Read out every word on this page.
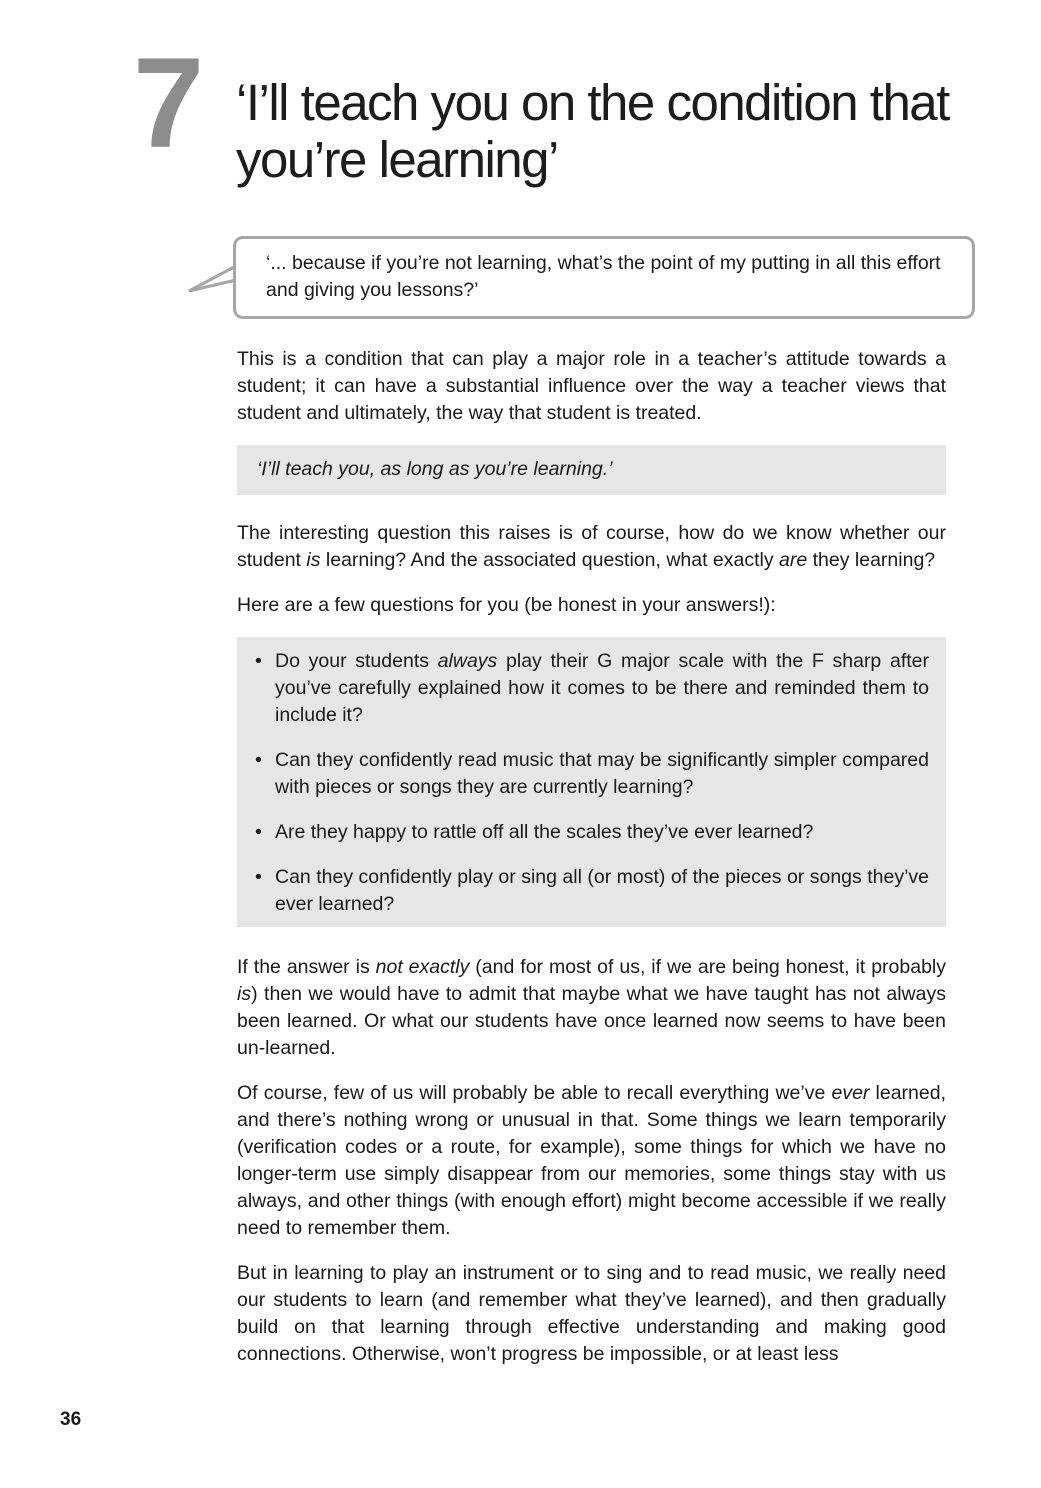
7 ‘I’ll teach you on the condition that you’re learning’

‘... because if you’re not learning, what’s the point of my putting in all this effort and giving you lessons?’

This is a condition that can play a major role in a teacher’s attitude towards a student; it can have a substantial influence over the way a teacher views that student and ultimately, the way that student is treated.

‘I’ll teach you, as long as you’re learning.’

The interesting question this raises is of course, how do we know whether our student is learning? And the associated question, what exactly are they learning?

Here are a few questions for you (be honest in your answers!):

• Do your students always play their G major scale with the F sharp after you’ve carefully explained how it comes to be there and reminded them to include it?
• Can they confidently read music that may be significantly simpler compared with pieces or songs they are currently learning?
• Are they happy to rattle off all the scales they’ve ever learned?
• Can they confidently play or sing all (or most) of the pieces or songs they’ve ever learned?

If the answer is not exactly (and for most of us, if we are being honest, it probably is) then we would have to admit that maybe what we have taught has not always been learned. Or what our students have once learned now seems to have been un-learned.

Of course, few of us will probably be able to recall everything we’ve ever learned, and there’s nothing wrong or unusual in that. Some things we learn temporarily (verification codes or a route, for example), some things for which we have no longer-term use simply disappear from our memories, some things stay with us always, and other things (with enough effort) might become accessible if we really need to remember them.

But in learning to play an instrument or to sing and to read music, we really need our students to learn (and remember what they’ve learned), and then gradually build on that learning through effective understanding and making good connections. Otherwise, won’t progress be impossible, or at least less

36
